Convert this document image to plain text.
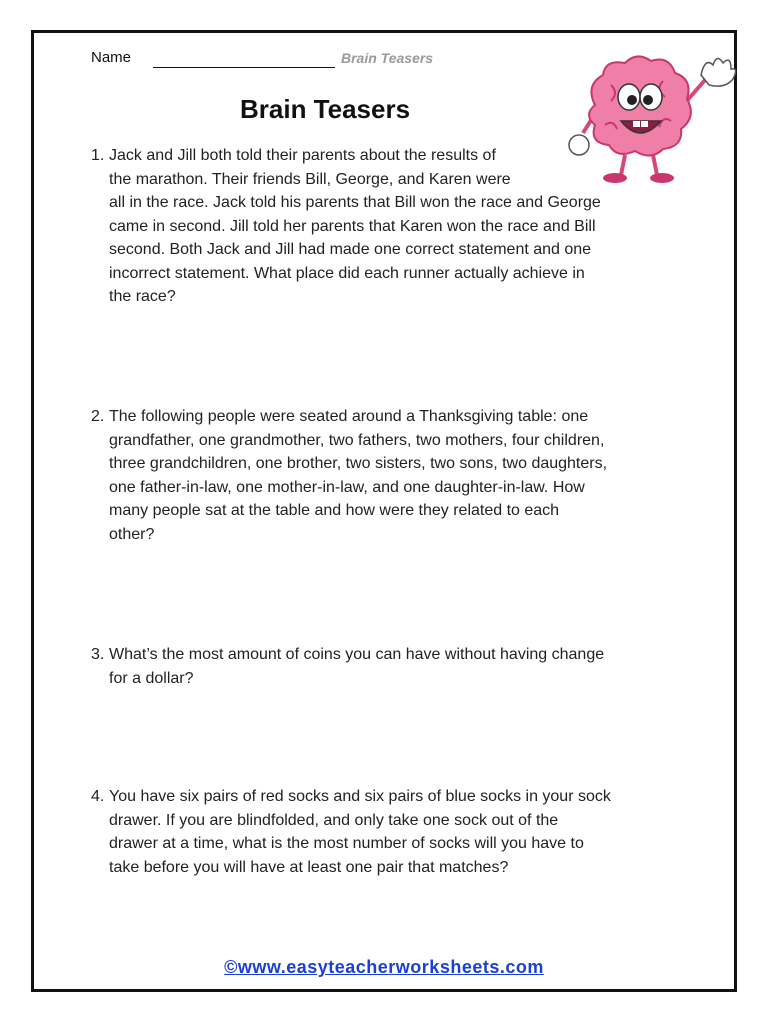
Name	Brain Teasers
Brain Teasers
1. Jack and Jill both told their parents about the results of
the marathon. Their friends Bill, George, and Karen were
all in the race. Jack told his parents that Bill won the race and George
came in second. Jill told her parents that Karen won the race and Bill
second. Both Jack and Jill had made one correct statement and one
incorrect statement. What place did each runner actually achieve in
the race?
2. The following people were seated around a Thanksgiving table: one
grandfather, one grandmother, two fathers, two mothers, four children,
three grandchildren, one brother, two sisters, two sons, two daughters,
one father-in-law, one mother-in-law, and one daughter-in-law. How
many people sat at the table and how were they related to each
other?
3. What’s the most amount of coins you can have without having change
for a dollar?
4. You have six pairs of red socks and six pairs of blue socks in your sock
drawer. If you are blindfolded, and only take one sock out of the
drawer at a time, what is the most number of socks will you have to
take before you will have at least one pair that matches?
©www.easyteacherworksheets.com
